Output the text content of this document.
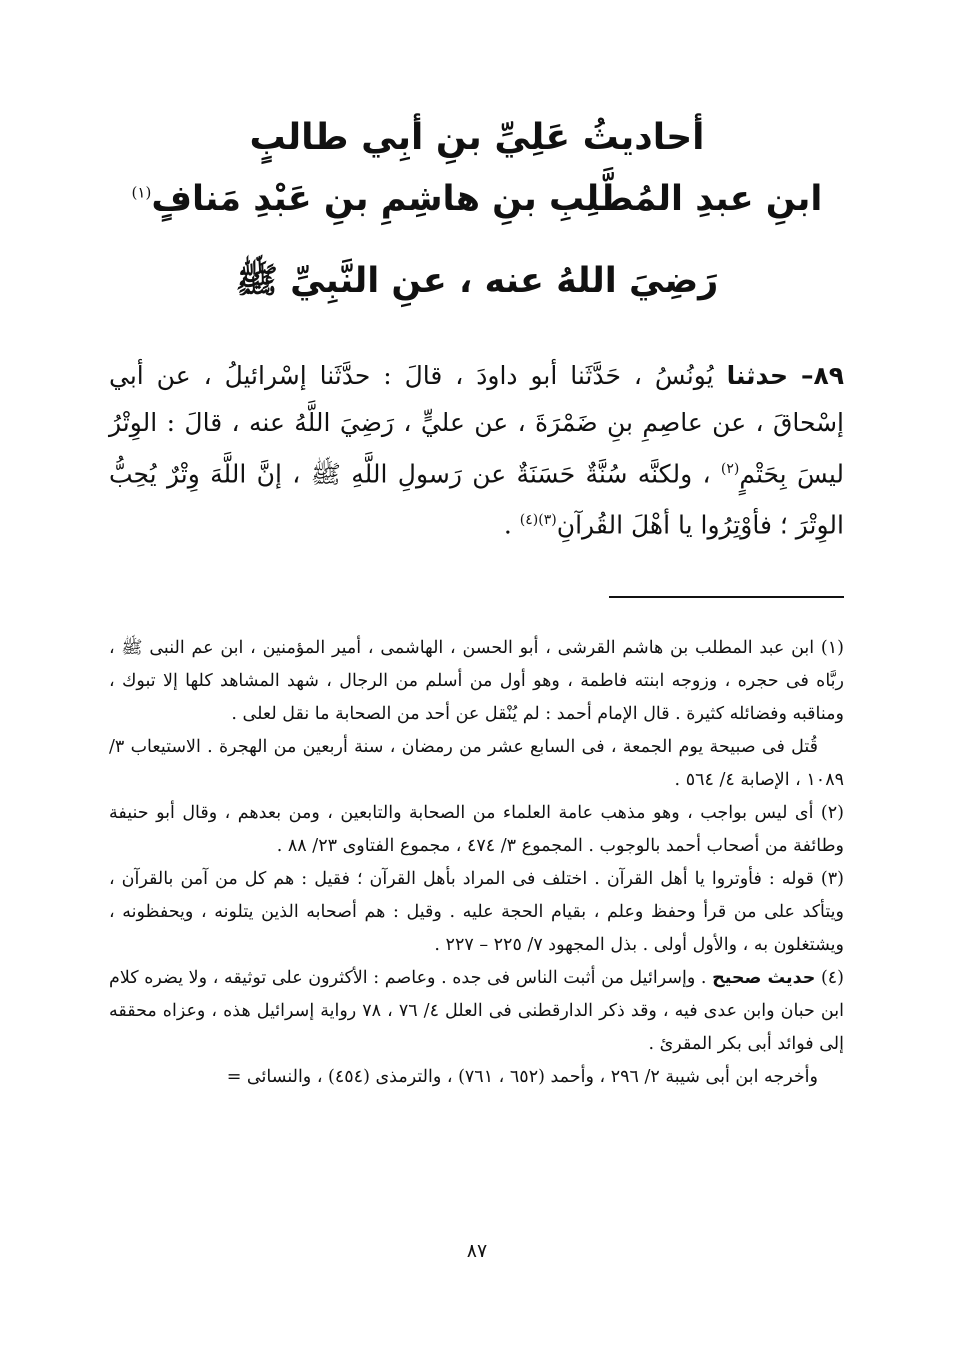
أحاديثُ عَلِيِّ بنِ أبِي طالبٍ
ابنِ عبدِ المُطَّلِبِ بنِ هاشِمِ بنِ عَبْدِ مَنافٍ$^{(١)}$
رَضِيَ اللهُ عنه ، عنِ النَّبِيِّ ﷺ
٨٩– حدثنا يُونُسُ ، حَدَّثَنا أبو داودَ ، قالَ : حدَّثَنا إسْرائيلُ ، عن أبي إسْحاقَ ، عن عاصِمِ بنِ ضَمْرَةَ ، عن عليٍّ ، رَضِيَ اللَّهُ عنه ، قالَ : الوِتْرُ ليسَ بِحَتْمٍ$^{(٢)}$ ، ولكنَّه سُنَّةٌ حَسَنَةٌ عن رَسولِ اللَّهِ ﷺ ، إنَّ اللَّهَ وِتْرٌ يُحِبُّ الوِتْرَ ؛ فأوْتِرُوا يا أهْلَ القُرآنِ$^{(٣)(٤)}$ .

(١) ابن عبد المطلب بن هاشم القرشى ، أبو الحسن ، الهاشمى ، أمير المؤمنين ، ابن عم النبى ﷺ ، ربَّاه فى حجره ، وزوجه ابنته فاطمة ، وهو أول من أسلم من الرجال ، شهد المشاهد كلها إلا تبوك ، ومناقبه وفضائله كثيرة . قال الإمام أحمد : لم يُنْقل عن أحد من الصحابة ما نقل لعلى .

قُتل فى صبيحة يوم الجمعة ، فى السابع عشر من رمضان ، سنة أربعين من الهجرة . الاستيعاب ٣/ ١٠٨٩ ، الإصابة ٤/ ٥٦٤ .

(٢) أى ليس بواجب ، وهو مذهب عامة العلماء من الصحابة والتابعين ، ومن بعدهم ، وقال أبو حنيفة وطائفة من أصحاب أحمد بالوجوب . المجموع ٣/ ٤٧٤ ، مجموع الفتاوى ٢٣/ ٨٨ .

(٣) قوله : فأوتروا يا أهل القرآن . اختلف فى المراد بأهل القرآن ؛ فقيل : هم كل من آمن بالقرآن ، ويتأكد على من قرأ وحفظ وعلم ، بقيام الحجة عليه . وقيل : هم أصحابه الذين يتلونه ، ويحفظونه ، ويشتغلون به ، والأول أولى . بذل المجهود ٧/ ٢٢٥ – ٢٢٧ .

(٤) حديث صحيح . وإسرائيل من أثبت الناس فى جده . وعاصم : الأكثرون على توثيقه ، ولا يضره كلام ابن حبان وابن عدى فيه ، وقد ذكر الدارقطنى فى العلل ٤/ ٧٦ ، ٧٨ رواية إسرائيل هذه ، وعزاه محققه إلى فوائد أبى بكر المقرئ .

وأخرجه ابن أبى شيبة ٢/ ٢٩٦ ، وأحمد (٦٥٢ ، ٧٦١) ، والترمذى (٤٥٤) ، والنسائى =

٨٧
